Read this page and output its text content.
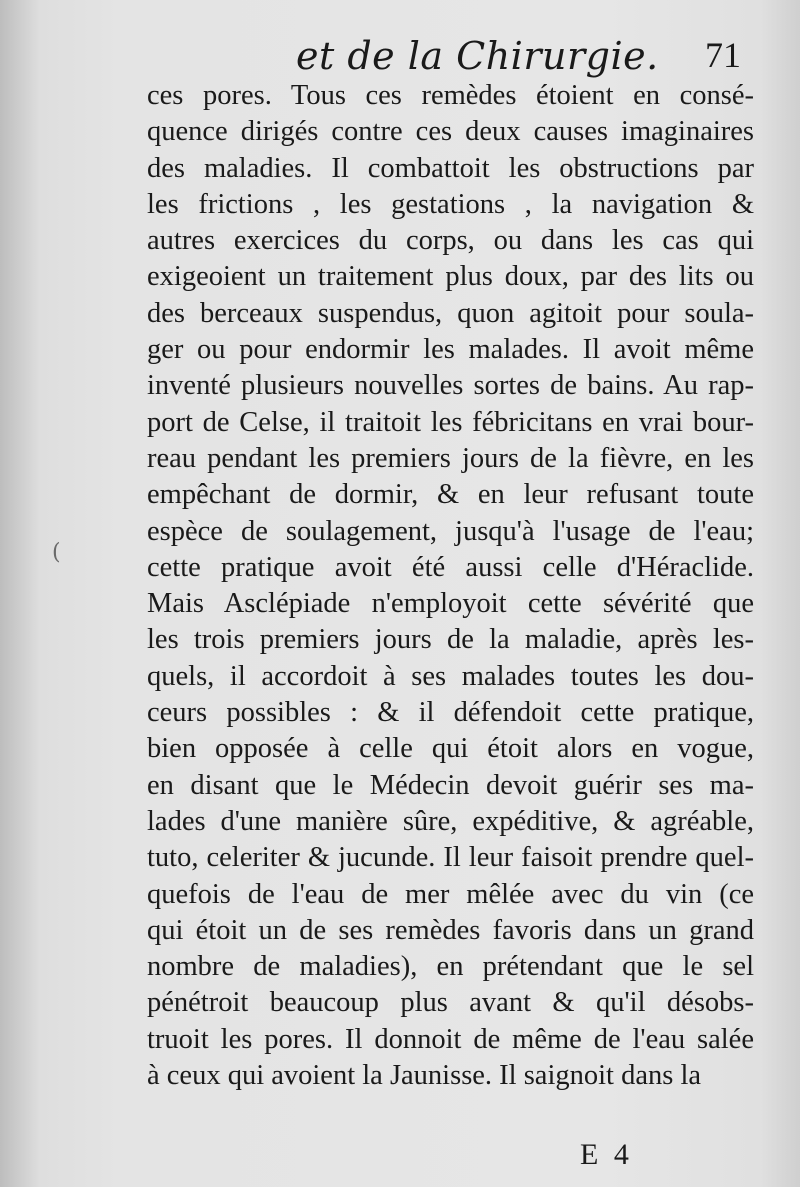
et de la Chirurgie. 71
(
ces pores. Tous ces remèdes étoient en consé-
quence dirigés contre ces deux causes imaginaires
des maladies. Il combattoit les obstructions par
les frictions , les gestations , la navigation &
autres exercices du corps, ou dans les cas qui
exigeoient un traitement plus doux, par des lits ou
des berceaux suspendus, quon agitoit pour soula-
ger ou pour endormir les malades. Il avoit même
inventé plusieurs nouvelles sortes de bains. Au rap-
port de Celse, il traitoit les fébricitans en vrai bour-
reau pendant les premiers jours de la fièvre, en les
empêchant de dormir, & en leur refusant toute
espèce de soulagement, jusqu'à l'usage de l'eau;
cette pratique avoit été aussi celle d'Héraclide.
Mais Asclépiade n'employoit cette sévérité que
les trois premiers jours de la maladie, après les-
quels, il accordoit à ses malades toutes les dou-
ceurs possibles : & il défendoit cette pratique,
bien opposée à celle qui étoit alors en vogue,
en disant que le Médecin devoit guérir ses ma-
lades d'une manière sûre, expéditive, & agréable,
tuto, celeriter & jucunde. Il leur faisoit prendre quel-
quefois de l'eau de mer mêlée avec du vin (ce
qui étoit un de ses remèdes favoris dans un grand
nombre de maladies), en prétendant que le sel
pénétroit beaucoup plus avant & qu'il désobs-
truoit les pores. Il donnoit de même de l'eau salée
à ceux qui avoient la Jaunisse. Il saignoit dans la
E 4
